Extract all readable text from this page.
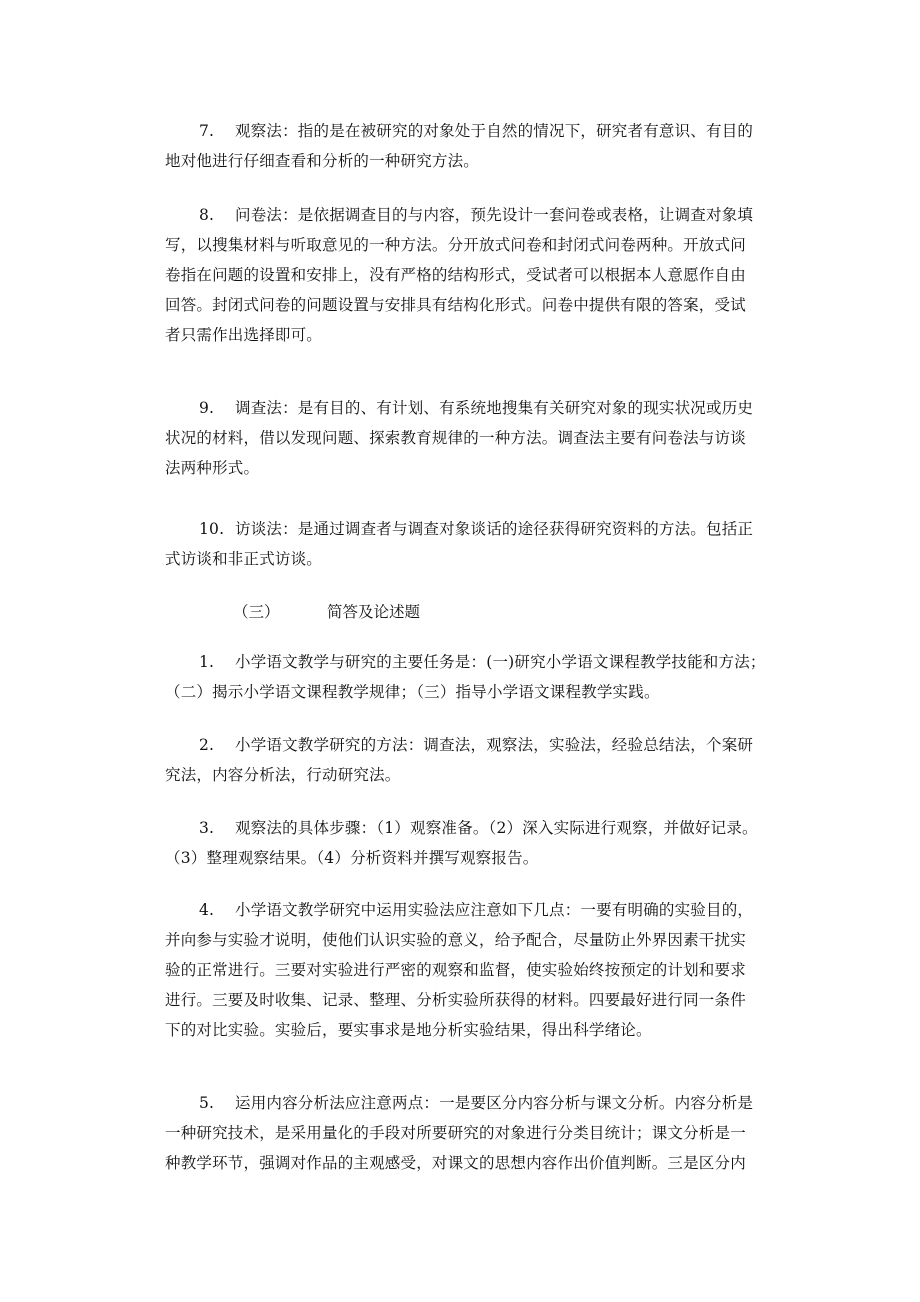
7. 观察法：指的是在被研究的对象处于自然的情况下，研究者有意识、有目的
地对他进行仔细查看和分析的一种研究方法。
8. 问卷法：是依据调查目的与内容，预先设计一套问卷或表格，让调查对象填
写，以搜集材料与听取意见的一种方法。分开放式问卷和封闭式问卷两种。开放式问
卷指在问题的设置和安排上，没有严格的结构形式，受试者可以根据本人意愿作自由
回答。封闭式问卷的问题设置与安排具有结构化形式。问卷中提供有限的答案，受试
者只需作出选择即可。
9. 调查法：是有目的、有计划、有系统地搜集有关研究对象的现实状况或历史
状况的材料，借以发现问题、探索教育规律的一种方法。调查法主要有问卷法与访谈
法两种形式。
10. 访谈法：是通过调查者与调查对象谈话的途径获得研究资料的方法。包括正
式访谈和非正式访谈。
（三）	简答及论述题
1. 小学语文教学与研究的主要任务是：(一)研究小学语文课程教学技能和方法；
（二）揭示小学语文课程教学规律；（三）指导小学语文课程教学实践。
2. 小学语文教学研究的方法：调查法，观察法，实验法，经验总结法，个案研
究法，内容分析法，行动研究法。
3. 观察法的具体步骤：（1）观察准备。（2）深入实际进行观察，并做好记录。
（3）整理观察结果。（4）分析资料并撰写观察报告。
4. 小学语文教学研究中运用实验法应注意如下几点：一要有明确的实验目的，
并向参与实验才说明，使他们认识实验的意义，给予配合，尽量防止外界因素干扰实
验的正常进行。三要对实验进行严密的观察和监督，使实验始终按预定的计划和要求
进行。三要及时收集、记录、整理、分析实验所获得的材料。四要最好进行同一条件
下的对比实验。实验后，要实事求是地分析实验结果，得出科学绪论。
5. 运用内容分析法应注意两点：一是要区分内容分析与课文分析。内容分析是
一种研究技术，是采用量化的手段对所要研究的对象进行分类目统计；课文分析是一
种教学环节，强调对作品的主观感受，对课文的思想内容作出价值判断。三是区分内
